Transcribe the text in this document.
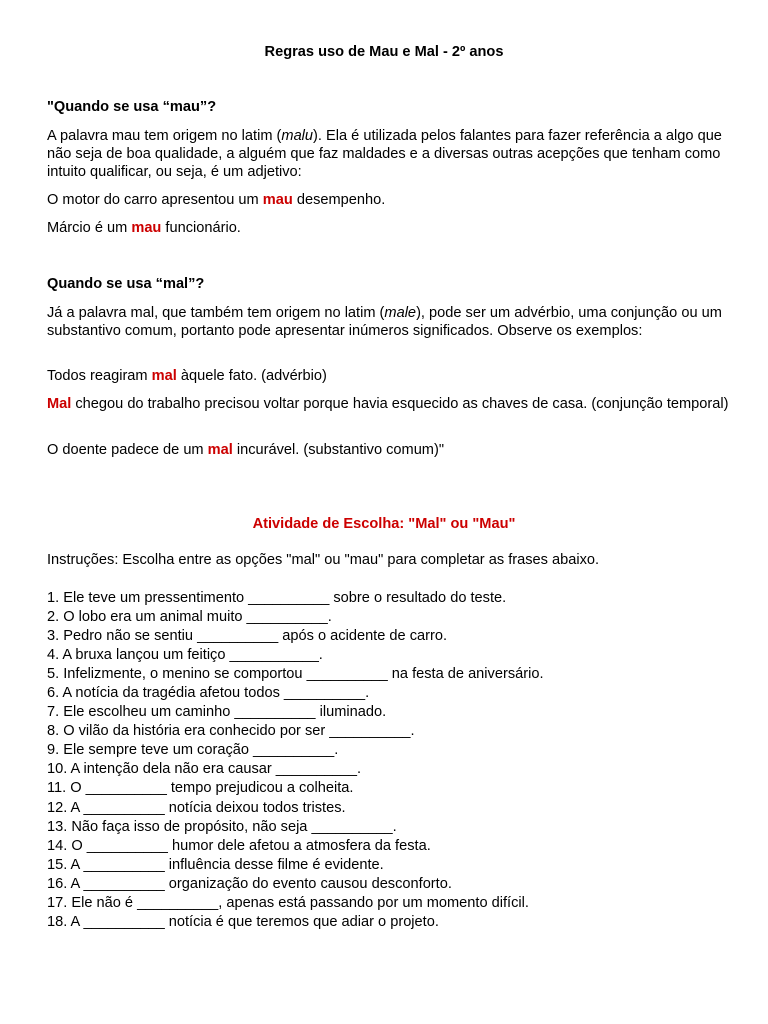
Regras uso de Mau e Mal - 2º anos
"Quando se usa “mau”?

A palavra mau tem origem no latim (malu). Ela é utilizada pelos falantes para fazer referência a algo que não seja de boa qualidade, a alguém que faz maldades e a diversas outras acepções que tenham como intuito qualificar, ou seja, é um adjetivo:

O motor do carro apresentou um mau desempenho.
Márcio é um mau funcionário.
Quando se usa “mal”?

Já a palavra mal, que também tem origem no latim (male), pode ser um advérbio, uma conjunção ou um substantivo comum, portanto pode apresentar inúmeros significados. Observe os exemplos:

Todos reagiram mal àquele fato. (advérbio)
Mal chegou do trabalho precisou voltar porque havia esquecido as chaves de casa. (conjunção temporal)
O doente padece de um mal incurável. (substantivo comum)"
Atividade de Escolha: "Mal" ou "Mau"
Instruções: Escolha entre as opções "mal" ou "mau" para completar as frases abaixo.
1. Ele teve um pressentimento __________ sobre o resultado do teste.
2. O lobo era um animal muito __________.
3. Pedro não se sentiu __________ após o acidente de carro.
4. A bruxa lançou um feitiço ___________.
5. Infelizmente, o menino se comportou __________ na festa de aniversário.
6. A notícia da tragédia afetou todos __________.
7. Ele escolheu um caminho __________ iluminado.
8. O vilão da história era conhecido por ser __________.
9. Ele sempre teve um coração __________.
10. A intenção dela não era causar __________.
11. O __________ tempo prejudicou a colheita.
12. A __________ notícia deixou todos tristes.
13. Não faça isso de propósito, não seja __________.
14. O __________ humor dele afetou a atmosfera da festa.
15. A __________ influência desse filme é evidente.
16. A __________ organização do evento causou desconforto.
17. Ele não é __________, apenas está passando por um momento difícil.
18. A __________ notícia é que teremos que adiar o projeto.
